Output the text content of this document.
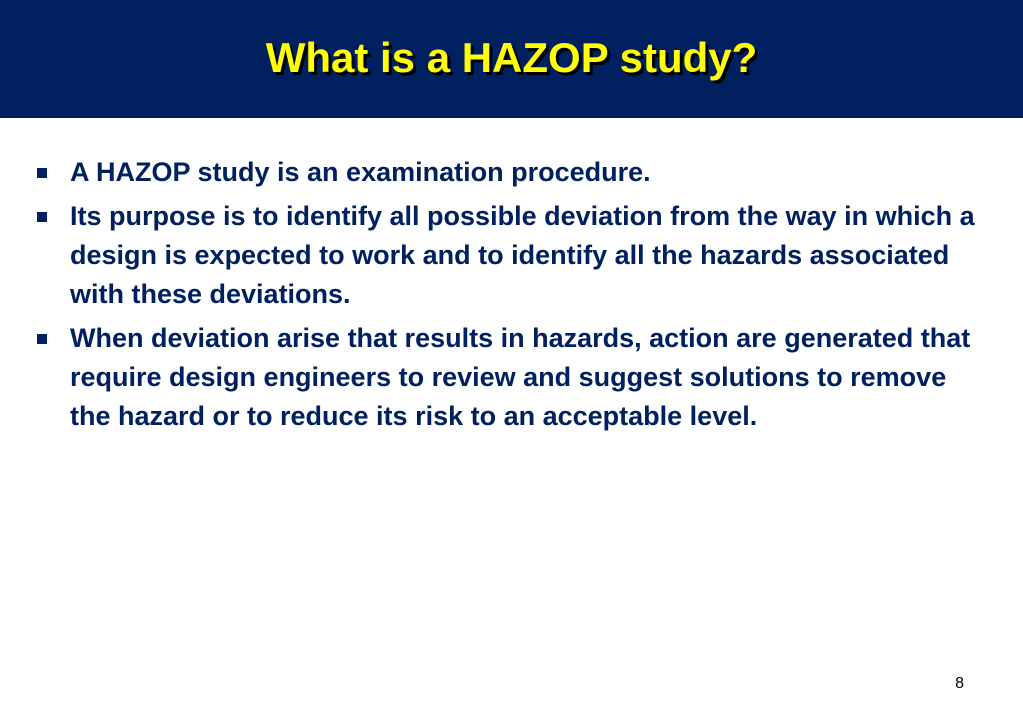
What is a HAZOP study?
A HAZOP study is an examination procedure.
Its purpose is to identify all possible deviation from the way in which a design is expected to work and to identify all the hazards associated with these deviations.
When deviation arise that results in hazards, action are generated that require design engineers to review and suggest solutions to remove the hazard or to reduce its risk to an acceptable level.
8
